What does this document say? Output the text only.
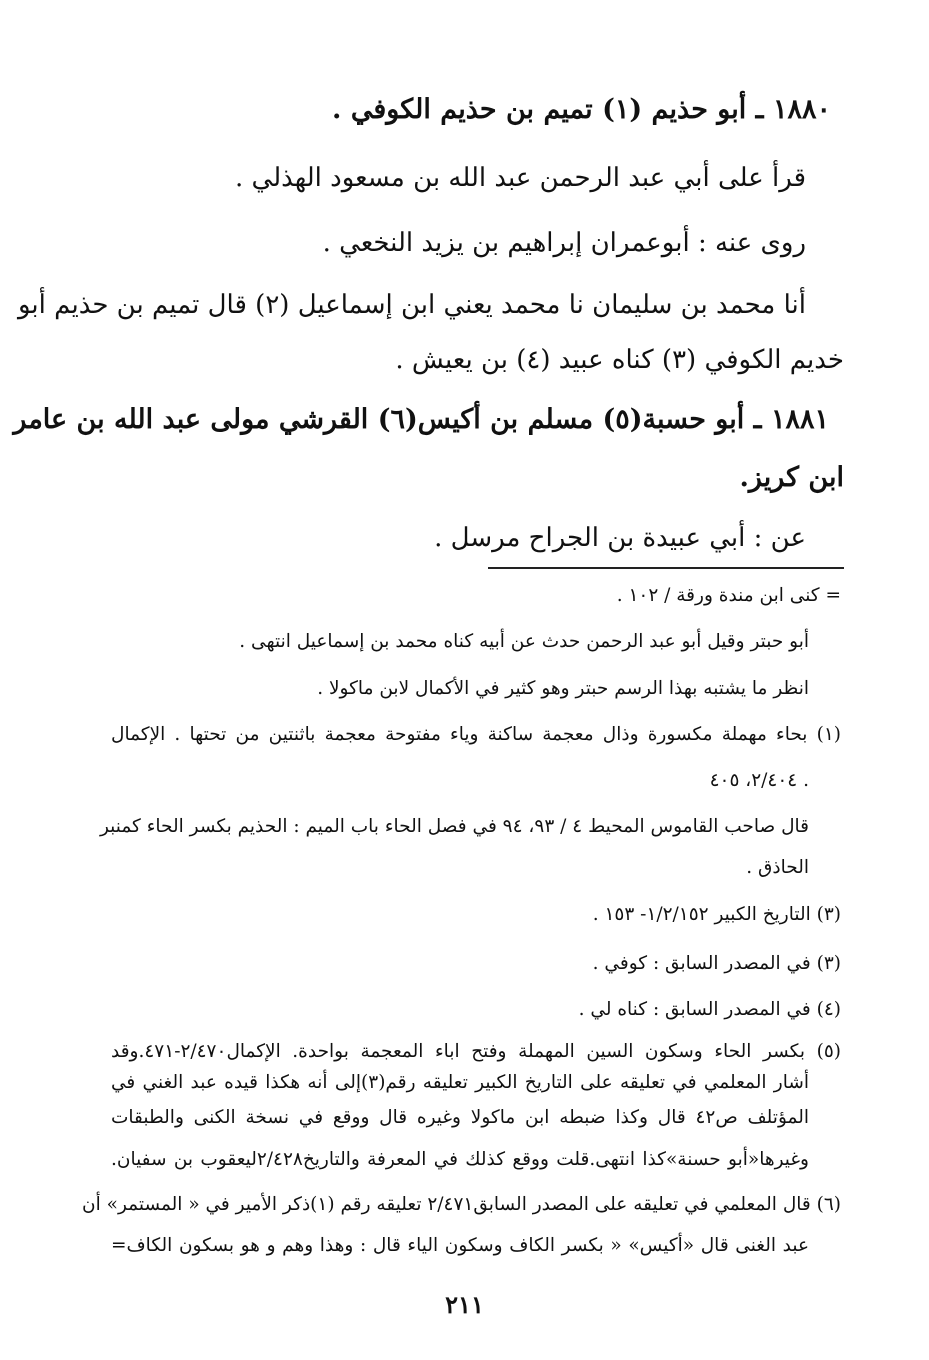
١٨٨٠ ـ أبو حذيم (١) تميم بن حذيم الكوفي .
قرأ على أبي عبد الرحمن عبد الله بن مسعود الهذلي .
روى عنه : أبوعمران إبراهيم بن يزيد النخعي .
أنا محمد بن سليمان نا محمد يعني ابن إسماعيل (٢) قال تميم بن حذيم أبو
خديم الكوفي (٣) كناه عبيد (٤) بن يعيش .
١٨٨١ ـ أبو حسبة(٥) مسلم بن أكيس(٦) القرشي مولى عبد الله بن عامر
ابن كريز.
عن : أبي عبيدة بن الجراح مرسل .
= كنى ابن مندة ورقة / ١٠٢ .
أبو حبتر وقيل أبو عبد الرحمن حدث عن أبيه كناه محمد بن إسماعيل انتهى .
انظر ما يشتبه بهذا الرسم حبتر وهو كثير في الأكمال لابن ماكولا .
(١) بحاء مهملة مكسورة وذال معجمة ساكنة وياء مفتوحة معجمة باثنتين من تحتها . الإكمال
٢/٤٠٤، ٤٠٥ .
قال صاحب القاموس المحيط ٤ / ٩٣، ٩٤ في فصل الحاء باب الميم : الحذيم بكسر الحاء كمنبر
الحاذق .
(٣) التاريخ الكبير ١/٢/١٥٢- ١٥٣ .
(٣) في المصدر السابق : كوفي .
(٤) في المصدر السابق : كناه لي .
(٥) بكسر الحاء وسكون السين المهملة وفتح اباء المعجمة بواحدة. الإكمال٢/٤٧٠-٤٧١.وقد
أشار المعلمي في تعليقه على التاريخ الكبير تعليقه رقم(٣)إلى أنه هكذا قيده عبد الغني في
المؤتلف ص٤٢ قال وكذا ضبطه ابن ماكولا وغيره قال ووقع في نسخة الكنى والطبقات
وغيرها«أبو حسنة»كذا انتهى.قلت ووقع كذلك في المعرفة والتاريخ٢/٤٢٨ليعقوب بن سفيان.
(٦) قال المعلمي في تعليقه على المصدر السابق٢/٤٧١ تعليقه رقم (١)ذكر الأمير في « المستمر» أن
عبد الغنى قال «أكيس» « بكسر الكاف وسكون الياء قال : وهذا وهم و هو بسكون الكاف=
٢١١
